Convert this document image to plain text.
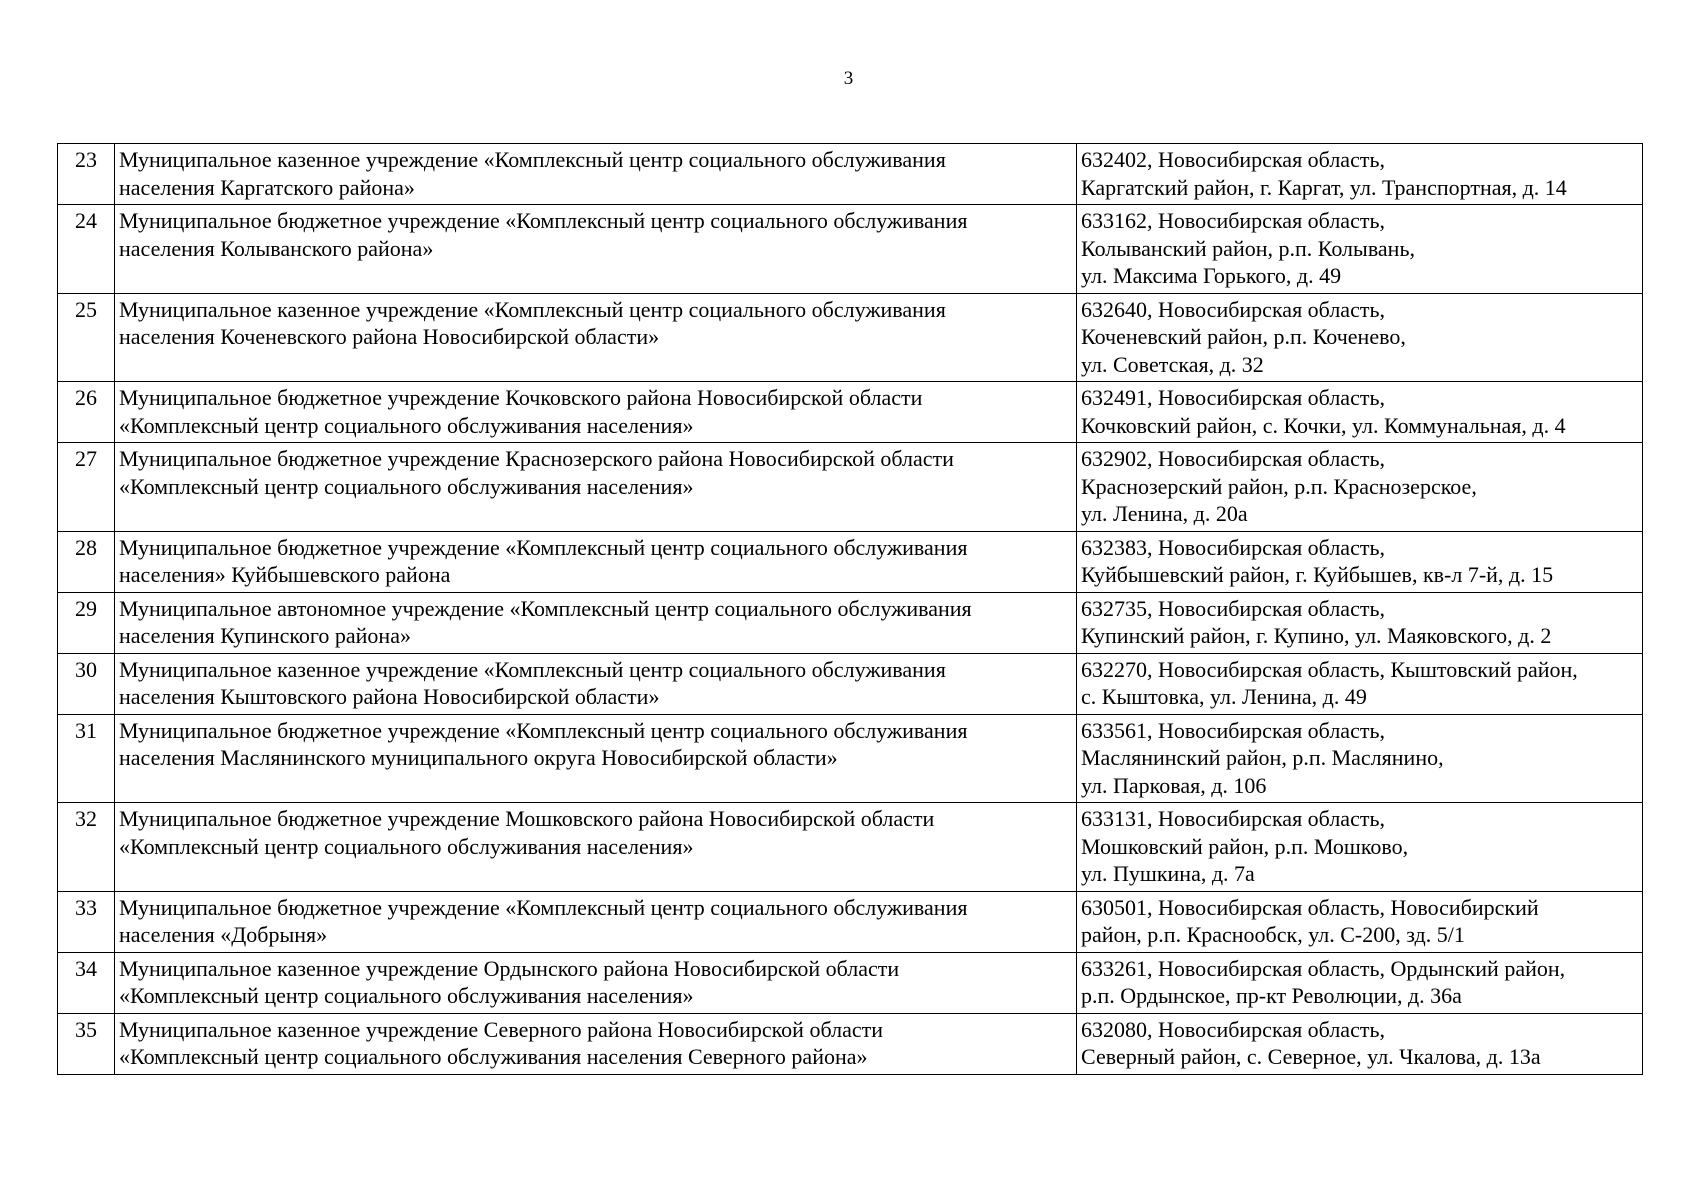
3
23	Муниципальное казенное учреждение «Комплексный центр социального обслуживания
населения Каргатского района»	632402, Новосибирская область,
Каргатский район, г. Каргат, ул. Транспортная, д. 14

24	Муниципальное бюджетное учреждение «Комплексный центр социального обслуживания
населения Колыванского района»	633162, Новосибирская область,
Колыванский район, р.п. Колывань,
ул. Максима Горького, д. 49

25	Муниципальное казенное учреждение «Комплексный центр социального обслуживания
населения Коченевского района Новосибирской области»	632640, Новосибирская область,
Коченевский район, р.п. Коченево,
ул. Советская, д. 32

26	Муниципальное бюджетное учреждение Кочковского района Новосибирской области
«Комплексный центр социального обслуживания населения»	632491, Новосибирская область,
Кочковский район, с. Кочки, ул. Коммунальная, д. 4

27	Муниципальное бюджетное учреждение Краснозерского района Новосибирской области
«Комплексный центр социального обслуживания населения»	632902, Новосибирская область,
Краснозерский район, р.п. Краснозерское,
ул. Ленина, д. 20а

28	Муниципальное бюджетное учреждение «Комплексный центр социального обслуживания
населения» Куйбышевского района	632383, Новосибирская область,
Куйбышевский район, г. Куйбышев, кв-л 7-й, д. 15

29	Муниципальное автономное учреждение «Комплексный центр социального обслуживания
населения Купинского района»	632735, Новосибирская область,
Купинский район, г. Купино, ул. Маяковского, д. 2

30	Муниципальное казенное учреждение «Комплексный центр социального обслуживания
населения Кыштовского района Новосибирской области»	632270, Новосибирская область, Кыштовский район,
с. Кыштовка, ул. Ленина, д. 49

31	Муниципальное бюджетное учреждение «Комплексный центр социального обслуживания
населения Маслянинского муниципального округа Новосибирской области»	633561, Новосибирская область,
Маслянинский район, р.п. Маслянино,
ул. Парковая, д. 106

32	Муниципальное бюджетное учреждение Мошковского района Новосибирской области
«Комплексный центр социального обслуживания населения»	633131, Новосибирская область,
Мошковский район, р.п. Мошково,
ул. Пушкина, д. 7а

33	Муниципальное бюджетное учреждение «Комплексный центр социального обслуживания
населения «Добрыня»	630501, Новосибирская область, Новосибирский
район, р.п. Краснообск, ул. С-200, зд. 5/1

34	Муниципальное казенное учреждение Ордынского района Новосибирской области
«Комплексный центр социального обслуживания населения»	633261, Новосибирская область, Ордынский район,
р.п. Ордынское, пр-кт Революции, д. 36а

35	Муниципальное казенное учреждение Северного района Новосибирской области
«Комплексный центр социального обслуживания населения Северного района»	632080, Новосибирская область,
Северный район, с. Северное, ул. Чкалова, д. 13а
